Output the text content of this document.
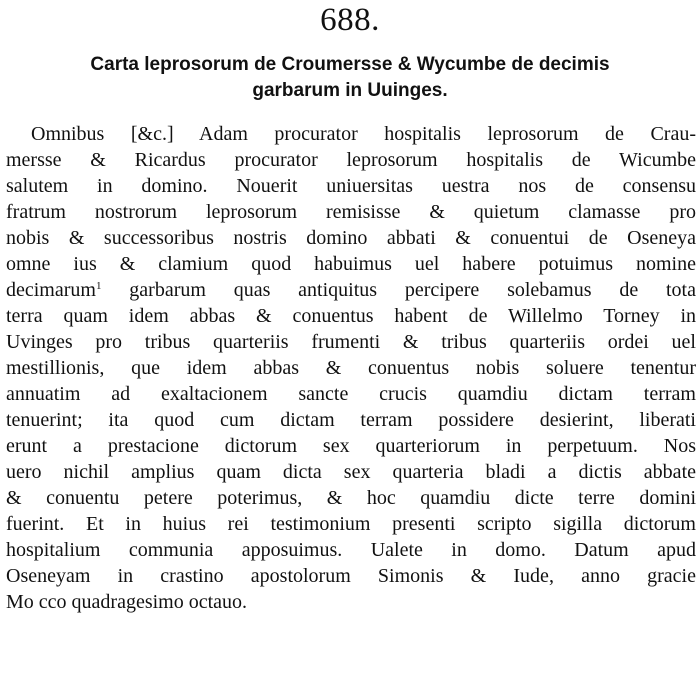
688.
Carta leprosorum de Croumersse & Wycumbe de decimis
garbarum in Uuinges.
Omnibus [&c.] Adam procurator hospitalis leprosorum de Crau-
mersse & Ricardus procurator leprosorum hospitalis de Wicumbe
salutem in domino. Nouerit uniuersitas uestra nos de consensu
fratrum nostrorum leprosorum remisisse & quietum clamasse pro
nobis & successoribus nostris domino abbati & conuentui de Oseneya
omne ius & clamium quod habuimus uel habere potuimus nomine
decimarum$^1$ garbarum quas antiquitus percipere solebamus de tota
terra quam idem abbas & conuentus habent de Willelmo Torney in
Uvinges pro tribus quarteriis frumenti & tribus quarteriis ordei uel
mestillionis, que idem abbas & conuentus nobis soluere tenentur
annuatim ad exaltacionem sancte crucis quamdiu dictam terram
tenuerint; ita quod cum dictam terram possidere desierint, liberati
erunt a prestacione dictorum sex quarteriorum in perpetuum. Nos
uero nichil amplius quam dicta sex quarteria bladi a dictis abbate
& conuentu petere poterimus, & hoc quamdiu dicte terre domini
fuerint. Et in huius rei testimonium presenti scripto sigilla dictorum
hospitalium communia apposuimus. Ualete in domo. Datum apud
Oseneyam in crastino apostolorum Simonis & Iude, anno gracie
Mo cco quadragesimo octauo.
